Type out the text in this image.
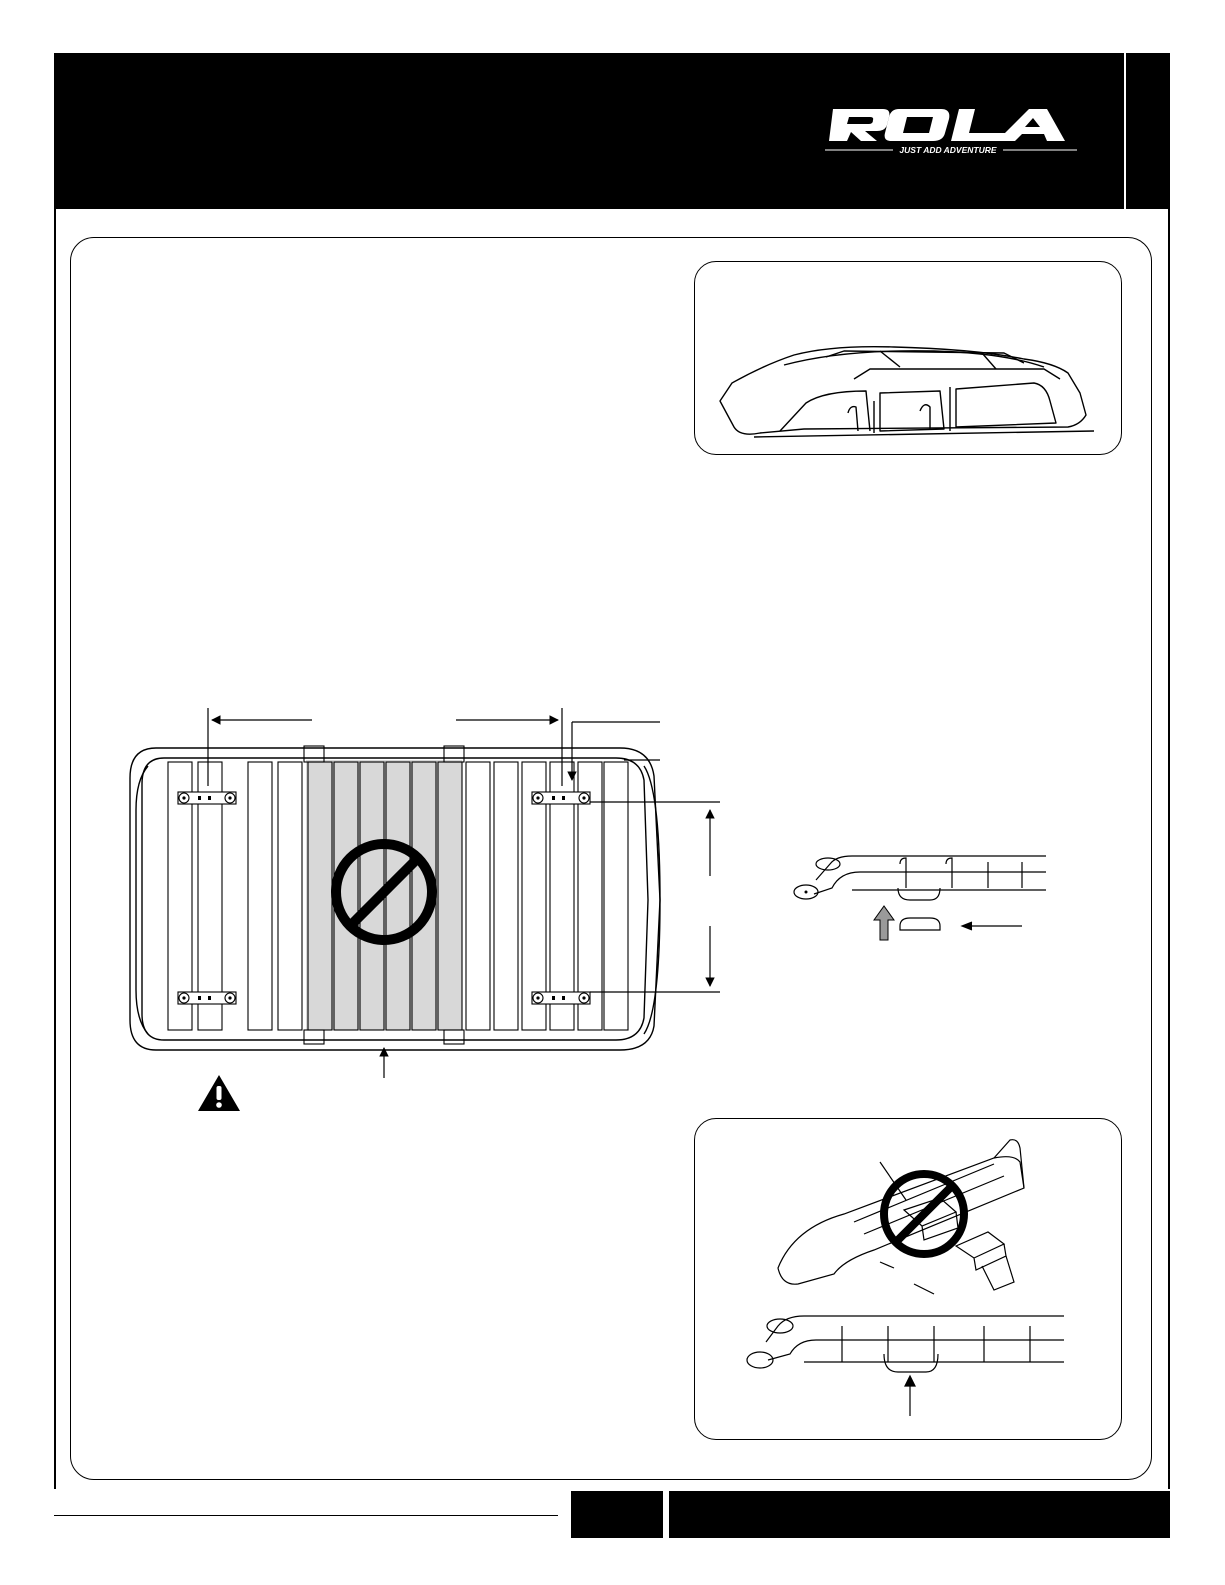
JUST ADD ADVENTURE
